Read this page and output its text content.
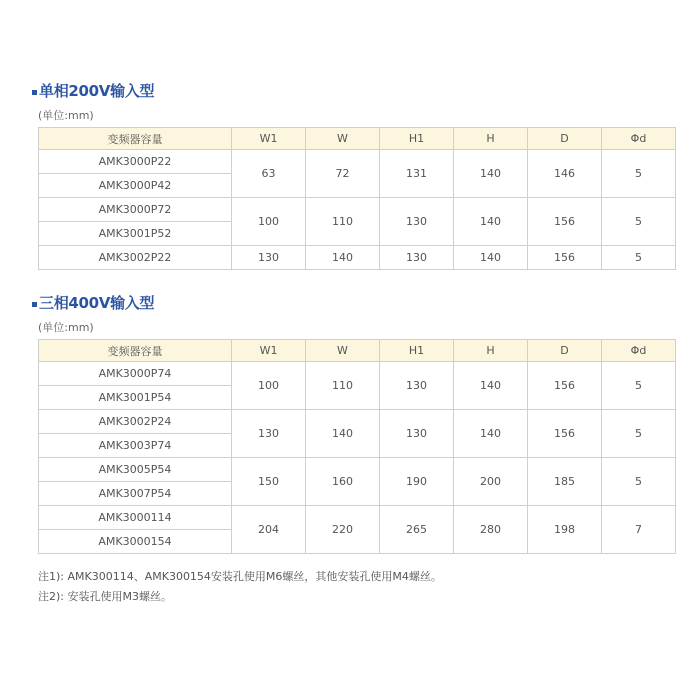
单相200V输入型
(单位:mm)
变频器容量	W1	W	H1	H	D	Φd
AMK3000P22	63	72	131	140	146	5
AMK3000P42						
AMK3000P72	100	110	130	140	156	5
AMK3001P52						
AMK3002P22	130	140	130	140	156	5
三相400V输入型
(单位:mm)
变频器容量	W1	W	H1	H	D	Φd
AMK3000P74	100	110	130	140	156	5
AMK3001P54						
AMK3002P24	130	140	130	140	156	5
AMK3003P74						
AMK3005P54	150	160	190	200	185	5
AMK3007P54						
AMK3000114	204	220	265	280	198	7
AMK3000154						
注1): AMK300114、AMK300154安装孔使用M6螺丝，其他安装孔使用M4螺丝。
注2): 安装孔使用M3螺丝。
